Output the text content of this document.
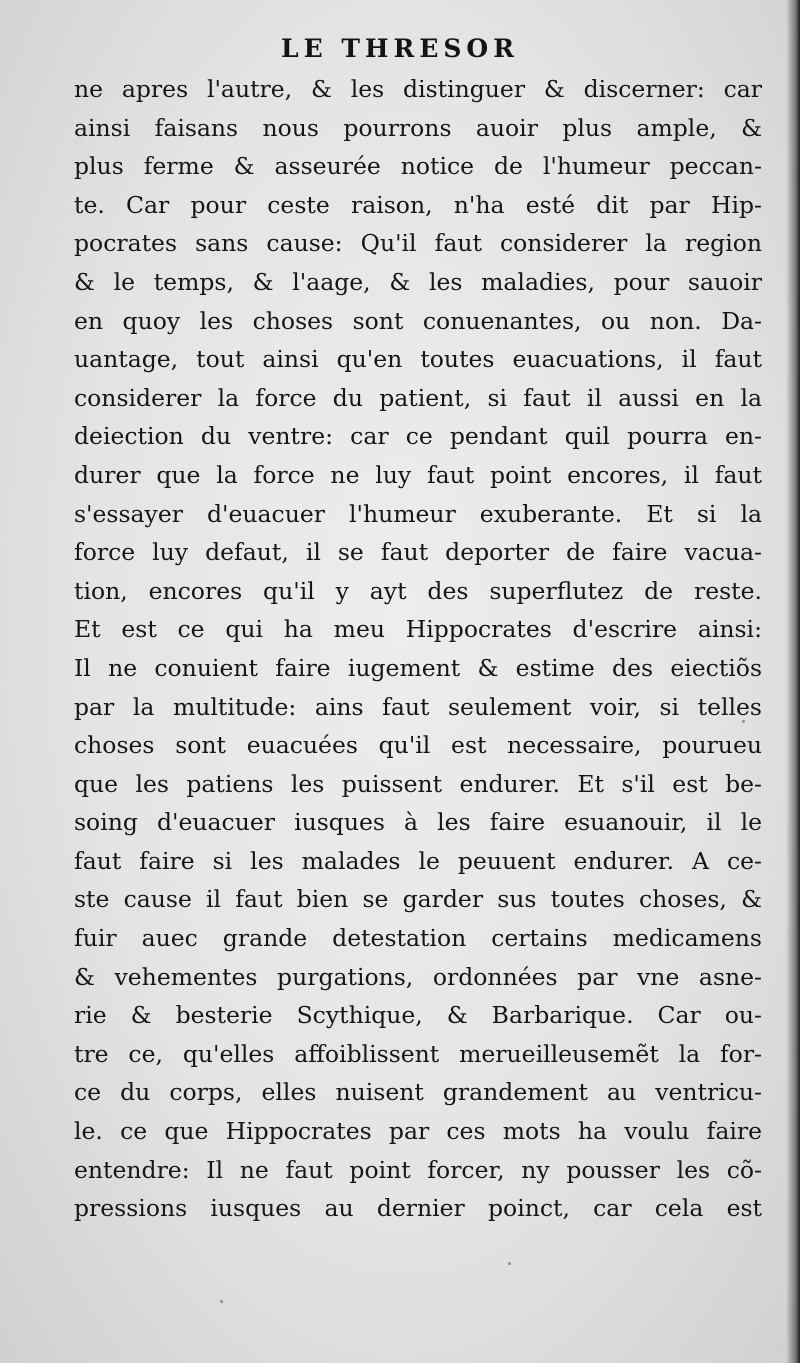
LE THRESOR
ne apres l'autre, & les distinguer & discerner: car
ainsi faisans nous pourrons auoir plus ample, &
plus ferme & asseurée notice de l'humeur peccan-
te. Car pour ceste raison, n'ha esté dit par Hip-
pocrates sans cause: Qu'il faut considerer la region
& le temps, & l'aage, & les maladies, pour sauoir
en quoy les choses sont conuenantes, ou non. Da-
uantage, tout ainsi qu'en toutes euacuations, il faut
considerer la force du patient, si faut il aussi en la
deiection du ventre: car ce pendant quil pourra en-
durer que la force ne luy faut point encores, il faut
s'essayer d'euacuer l'humeur exuberante. Et si la
force luy defaut, il se faut deporter de faire vacua-
tion, encores qu'il y ayt des superflutez de reste.
Et est ce qui ha meu Hippocrates d'escrire ainsi:
Il ne conuient faire iugement & estime des eiectiõs
par la multitude: ains faut seulement voir, si telles
choses sont euacuées qu'il est necessaire, pourueu
que les patiens les puissent endurer. Et s'il est be-
soing d'euacuer iusques à les faire esuanouir, il le
faut faire si les malades le peuuent endurer. A ce-
ste cause il faut bien se garder sus toutes choses, &
fuir auec grande detestation certains medicamens
& vehementes purgations, ordonnées par vne asne-
rie & besterie Scythique, & Barbarique. Car ou-
tre ce, qu'elles affoiblissent merueilleusemẽt la for-
ce du corps, elles nuisent grandement au ventricu-
le. ce que Hippocrates par ces mots ha voulu faire
entendre: Il ne faut point forcer, ny pousser les cõ-
pressions iusques au dernier poinct, car cela est
